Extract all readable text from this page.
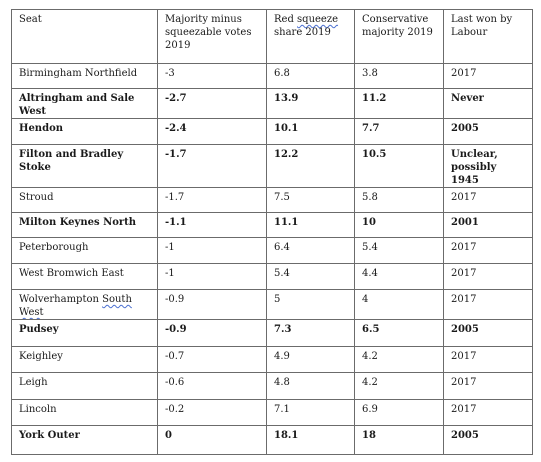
Seat	Majority minus squeezable votes 2019	Red squeeze share 2019	Conservative majority 2019	Last won by Labour
Birmingham Northfield	-3	6.8	3.8	2017
Altringham and Sale West	-2.7	13.9	11.2	Never
Hendon	-2.4	10.1	7.7	2005
Filton and Bradley Stoke	-1.7	12.2	10.5	Unclear, possibly 1945
Stroud	-1.7	7.5	5.8	2017
Milton Keynes North	-1.1	11.1	10	2001
Peterborough	-1	6.4	5.4	2017
West Bromwich East	-1	5.4	4.4	2017
Wolverhampton South West	-0.9	5	4	2017
Pudsey	-0.9	7.3	6.5	2005
Keighley	-0.7	4.9	4.2	2017
Leigh	-0.6	4.8	4.2	2017
Lincoln	-0.2	7.1	6.9	2017
York Outer	0	18.1	18	2005
